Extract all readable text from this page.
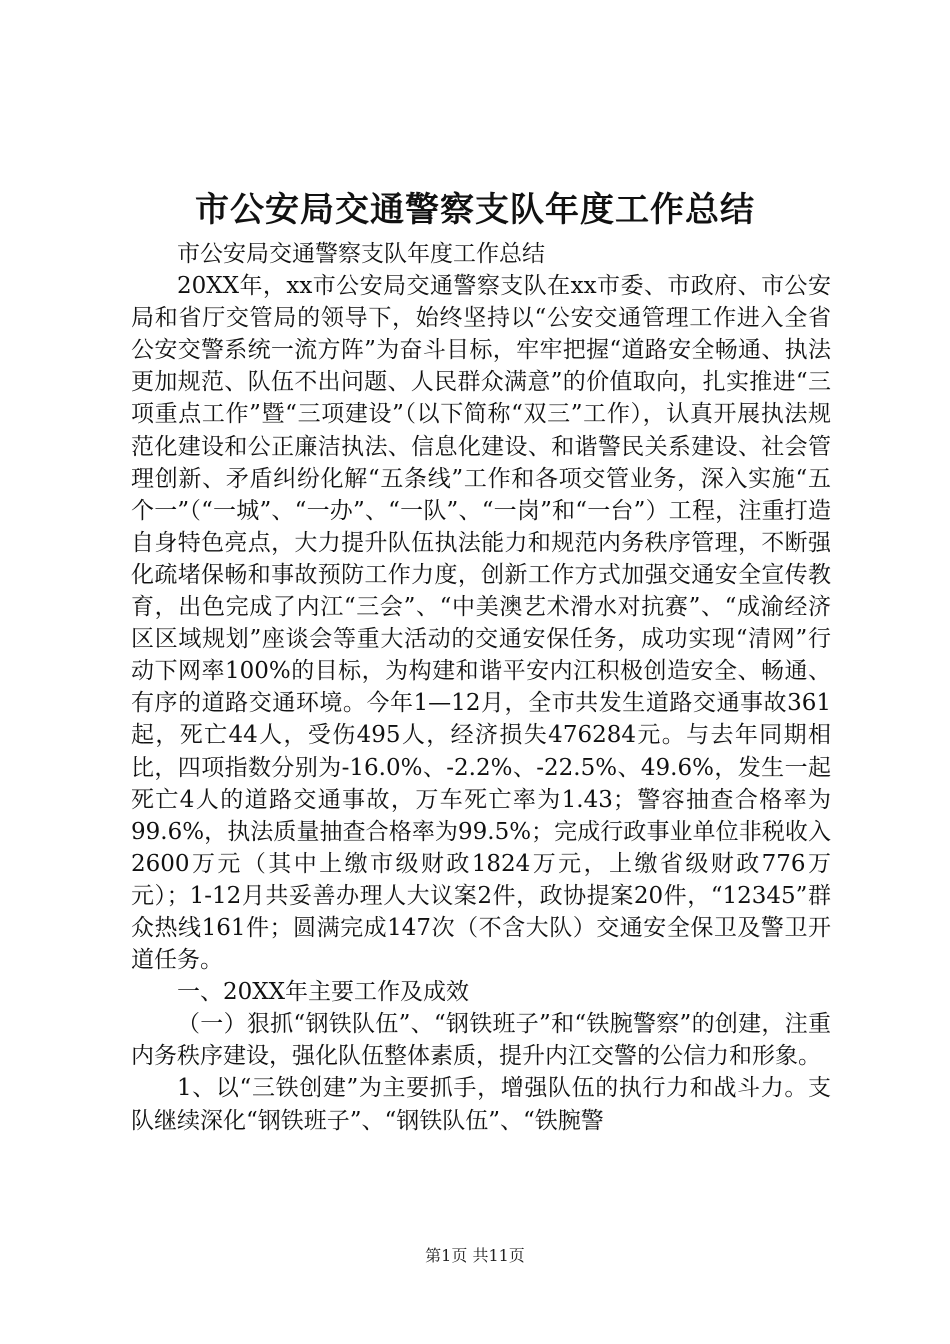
市公安局交通警察支队年度工作总结

市公安局交通警察支队年度工作总结

20XX年，xx市公安局交通警察支队在xx市委、市政府、市公安局和省厅交管局的领导下，始终坚持以“公安交通管理工作进入全省公安交警系统一流方阵”为奋斗目标，牢牢把握“道路安全畅通、执法更加规范、队伍不出问题、人民群众满意”的价值取向，扎实推进“三项重点工作”暨“三项建设”（以下简称“双三”工作），认真开展执法规范化建设和公正廉洁执法、信息化建设、和谐警民关系建设、社会管理创新、矛盾纠纷化解“五条线”工作和各项交管业务，深入实施“五个一”（“一城”、“一办”、“一队”、“一岗”和“一台”）工程，注重打造自身特色亮点，大力提升队伍执法能力和规范内务秩序管理，不断强化疏堵保畅和事故预防工作力度，创新工作方式加强交通安全宣传教育，出色完成了内江“三会”、“中美澳艺术滑水对抗赛”、“成渝经济区区域规划”座谈会等重大活动的交通安保任务，成功实现“清网”行动下网率100%的目标，为构建和谐平安内江积极创造安全、畅通、有序的道路交通环境。今年1—12月，全市共发生道路交通事故361起，死亡44人，受伤495人，经济损失476284元。与去年同期相比，四项指数分别为-16.0%、-2.2%、-22.5%、49.6%，发生一起死亡4人的道路交通事故，万车死亡率为1.43；警容抽查合格率为99.6%，执法质量抽查合格率为99.5%；完成行政事业单位非税收入2600万元（其中上缴市级财政1824万元，上缴省级财政776万元）；1-12月共妥善办理人大议案2件，政协提案20件，“12345”群众热线161件；圆满完成147次（不含大队）交通安全保卫及警卫开道任务。

一、20XX年主要工作及成效

（一）狠抓“钢铁队伍”、“钢铁班子”和“铁腕警察”的创建，注重内务秩序建设，强化队伍整体素质，提升内江交警的公信力和形象。

1、以“三铁创建”为主要抓手，增强队伍的执行力和战斗力。支队继续深化“钢铁班子”、“钢铁队伍”、“铁腕警

第1页 共11页
